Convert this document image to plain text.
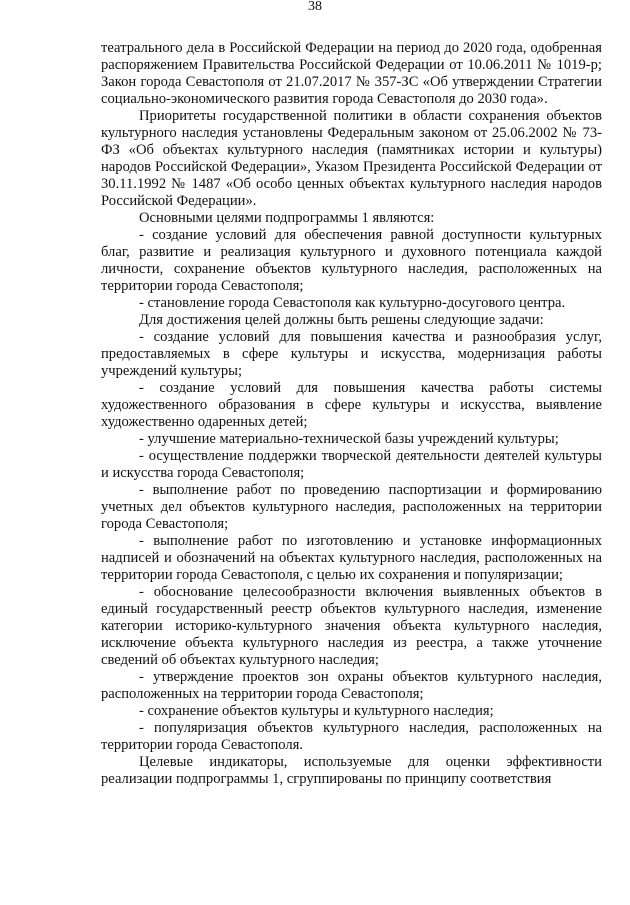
38

театрального дела в Российской Федерации на период до 2020 года, одобренная распоряжением Правительства Российской Федерации от 10.06.2011 № 1019-р; Закон города Севастополя от 21.07.2017 № 357-ЗС «Об утверждении Стратегии социально-экономического развития города Севастополя до 2030 года».

Приоритеты государственной политики в области сохранения объектов культурного наследия установлены Федеральным законом от 25.06.2002 № 73-ФЗ «Об объектах культурного наследия (памятниках истории и культуры) народов Российской Федерации», Указом Президента Российской Федерации от 30.11.1992 № 1487 «Об особо ценных объектах культурного наследия народов Российской Федерации».

Основными целями подпрограммы 1 являются:

- создание условий для обеспечения равной доступности культурных благ, развитие и реализация культурного и духовного потенциала каждой личности, сохранение объектов культурного наследия, расположенных на территории города Севастополя;

- становление города Севастополя как культурно-досугового центра.

Для достижения целей должны быть решены следующие задачи:

- создание условий для повышения качества и разнообразия услуг, предоставляемых в сфере культуры и искусства, модернизация работы учреждений культуры;

- создание условий для повышения качества работы системы художественного образования в сфере культуры и искусства, выявление художественно одаренных детей;

- улучшение материально-технической базы учреждений культуры;

- осуществление поддержки творческой деятельности деятелей культуры и искусства города Севастополя;

- выполнение работ по проведению паспортизации и формированию учетных дел объектов культурного наследия, расположенных на территории города Севастополя;

- выполнение работ по изготовлению и установке информационных надписей и обозначений на объектах культурного наследия, расположенных на территории города Севастополя, с целью их сохранения и популяризации;

- обоснование целесообразности включения выявленных объектов в единый государственный реестр объектов культурного наследия, изменение категории историко-культурного значения объекта культурного наследия, исключение объекта культурного наследия из реестра, а также уточнение сведений об объектах культурного наследия;

- утверждение проектов зон охраны объектов культурного наследия, расположенных на территории города Севастополя;

- сохранение объектов культуры и культурного наследия;

- популяризация объектов культурного наследия, расположенных на территории города Севастополя.

Целевые индикаторы, используемые для оценки эффективности реализации подпрограммы 1, сгруппированы по принципу соответствия
